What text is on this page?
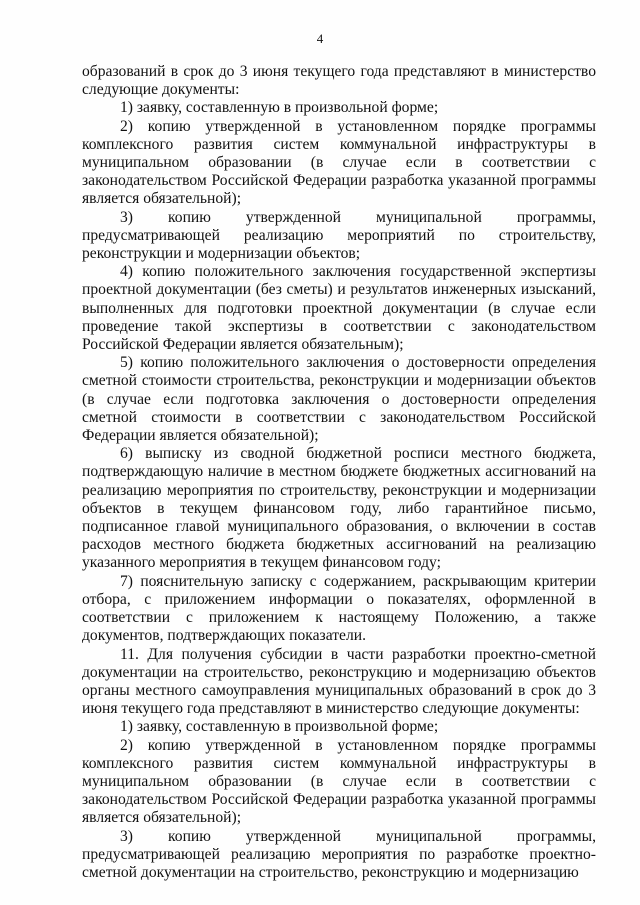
4

образований в срок до 3 июня текущего года представляют в министерство следующие документы:

1) заявку, составленную в произвольной форме;

2) копию утвержденной в установленном порядке программы комплексного развития систем коммунальной инфраструктуры в муниципальном образовании (в случае если в соответствии с законодательством Российской Федерации разработка указанной программы является обязательной);

3) копию утвержденной муниципальной программы, предусматривающей реализацию мероприятий по строительству, реконструкции и модернизации объектов;

4) копию положительного заключения государственной экспертизы проектной документации (без сметы) и результатов инженерных изысканий, выполненных для подготовки проектной документации (в случае если проведение такой экспертизы в соответствии с законодательством Российской Федерации является обязательным);

5) копию положительного заключения о достоверности определения сметной стоимости строительства, реконструкции и модернизации объектов (в случае если подготовка заключения о достоверности определения сметной стоимости в соответствии с законодательством Российской Федерации является обязательной);

6) выписку из сводной бюджетной росписи местного бюджета, подтверждающую наличие в местном бюджете бюджетных ассигнований на реализацию мероприятия по строительству, реконструкции и модернизации объектов в текущем финансовом году, либо гарантийное письмо, подписанное главой муниципального образования, о включении в состав расходов местного бюджета бюджетных ассигнований на реализацию указанного мероприятия в текущем финансовом году;

7) пояснительную записку с содержанием, раскрывающим критерии отбора, с приложением информации о показателях, оформленной в соответствии с приложением к настоящему Положению, а также документов, подтверждающих показатели.

11. Для получения субсидии в части разработки проектно-сметной документации на строительство, реконструкцию и модернизацию объектов органы местного самоуправления муниципальных образований в срок до 3 июня текущего года представляют в министерство следующие документы:

1) заявку, составленную в произвольной форме;

2) копию утвержденной в установленном порядке программы комплексного развития систем коммунальной инфраструктуры в муниципальном образовании (в случае если в соответствии с законодательством Российской Федерации разработка указанной программы является обязательной);

3) копию утвержденной муниципальной программы, предусматривающей реализацию мероприятия по разработке проектно-сметной документации на строительство, реконструкцию и модернизацию
